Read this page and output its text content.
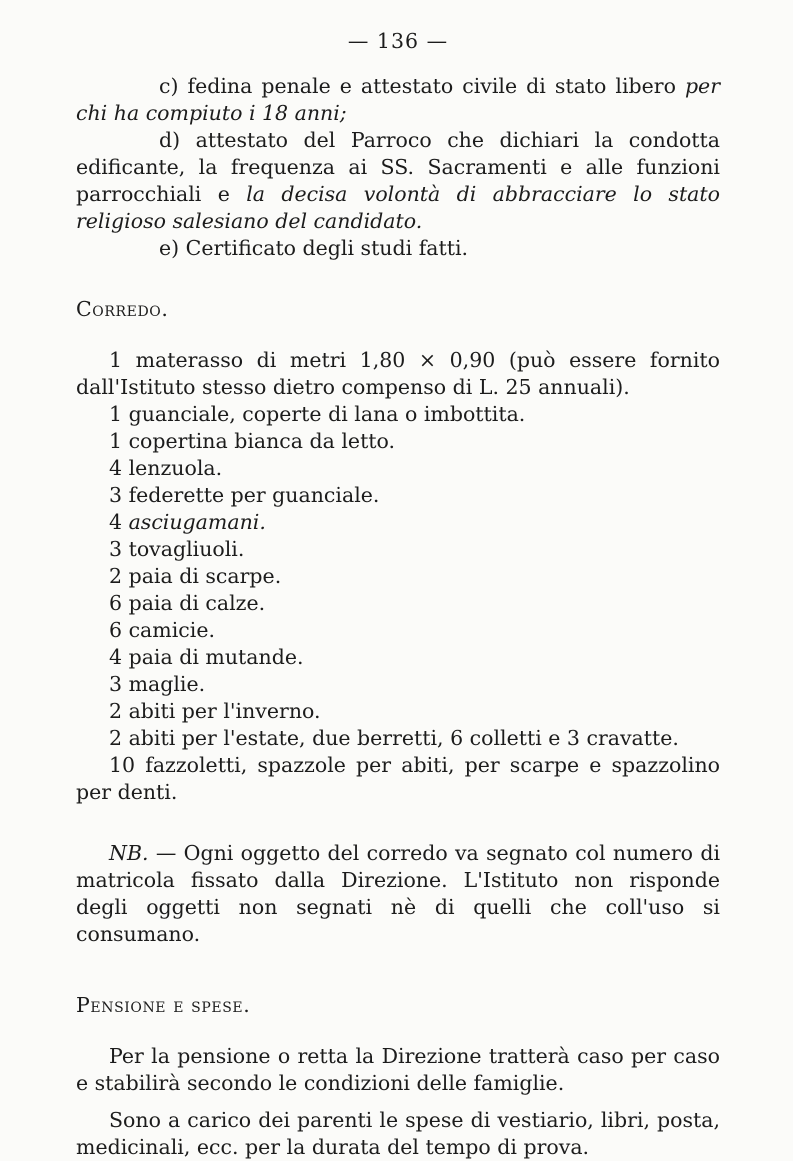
— 136 —

c) fedina penale e attestato civile di stato libero per chi ha compiuto i 18 anni;

d) attestato del Parroco che dichiari la condotta edificante, la frequenza ai SS. Sacramenti e alle funzioni parrocchiali e la decisa volontà di abbracciare lo stato religioso salesiano del candidato.

e) Certificato degli studi fatti.

Corredo.

1 materasso di metri 1,80 × 0,90 (può essere fornito dall'Istituto stesso dietro compenso di L. 25 annuali).

1 guanciale, coperte di lana o imbottita.

1 copertina bianca da letto.

4 lenzuola.

3 federette per guanciale.

4 asciugamani.

3 tovagliuoli.

2 paia di scarpe.

6 paia di calze.

6 camicie.

4 paia di mutande.

3 maglie.

2 abiti per l'inverno.

2 abiti per l'estate, due berretti, 6 colletti e 3 cravatte.

10 fazzoletti, spazzole per abiti, per scarpe e spazzolino per denti.

NB. — Ogni oggetto del corredo va segnato col numero di matricola fissato dalla Direzione. L'Istituto non risponde degli oggetti non segnati nè di quelli che coll'uso si consumano.

Pensione e spese.

Per la pensione o retta la Direzione tratterà caso per caso e stabilirà secondo le condizioni delle famiglie.

Sono a carico dei parenti le spese di vestiario, libri, posta, medicinali, ecc. per la durata del tempo di prova.
